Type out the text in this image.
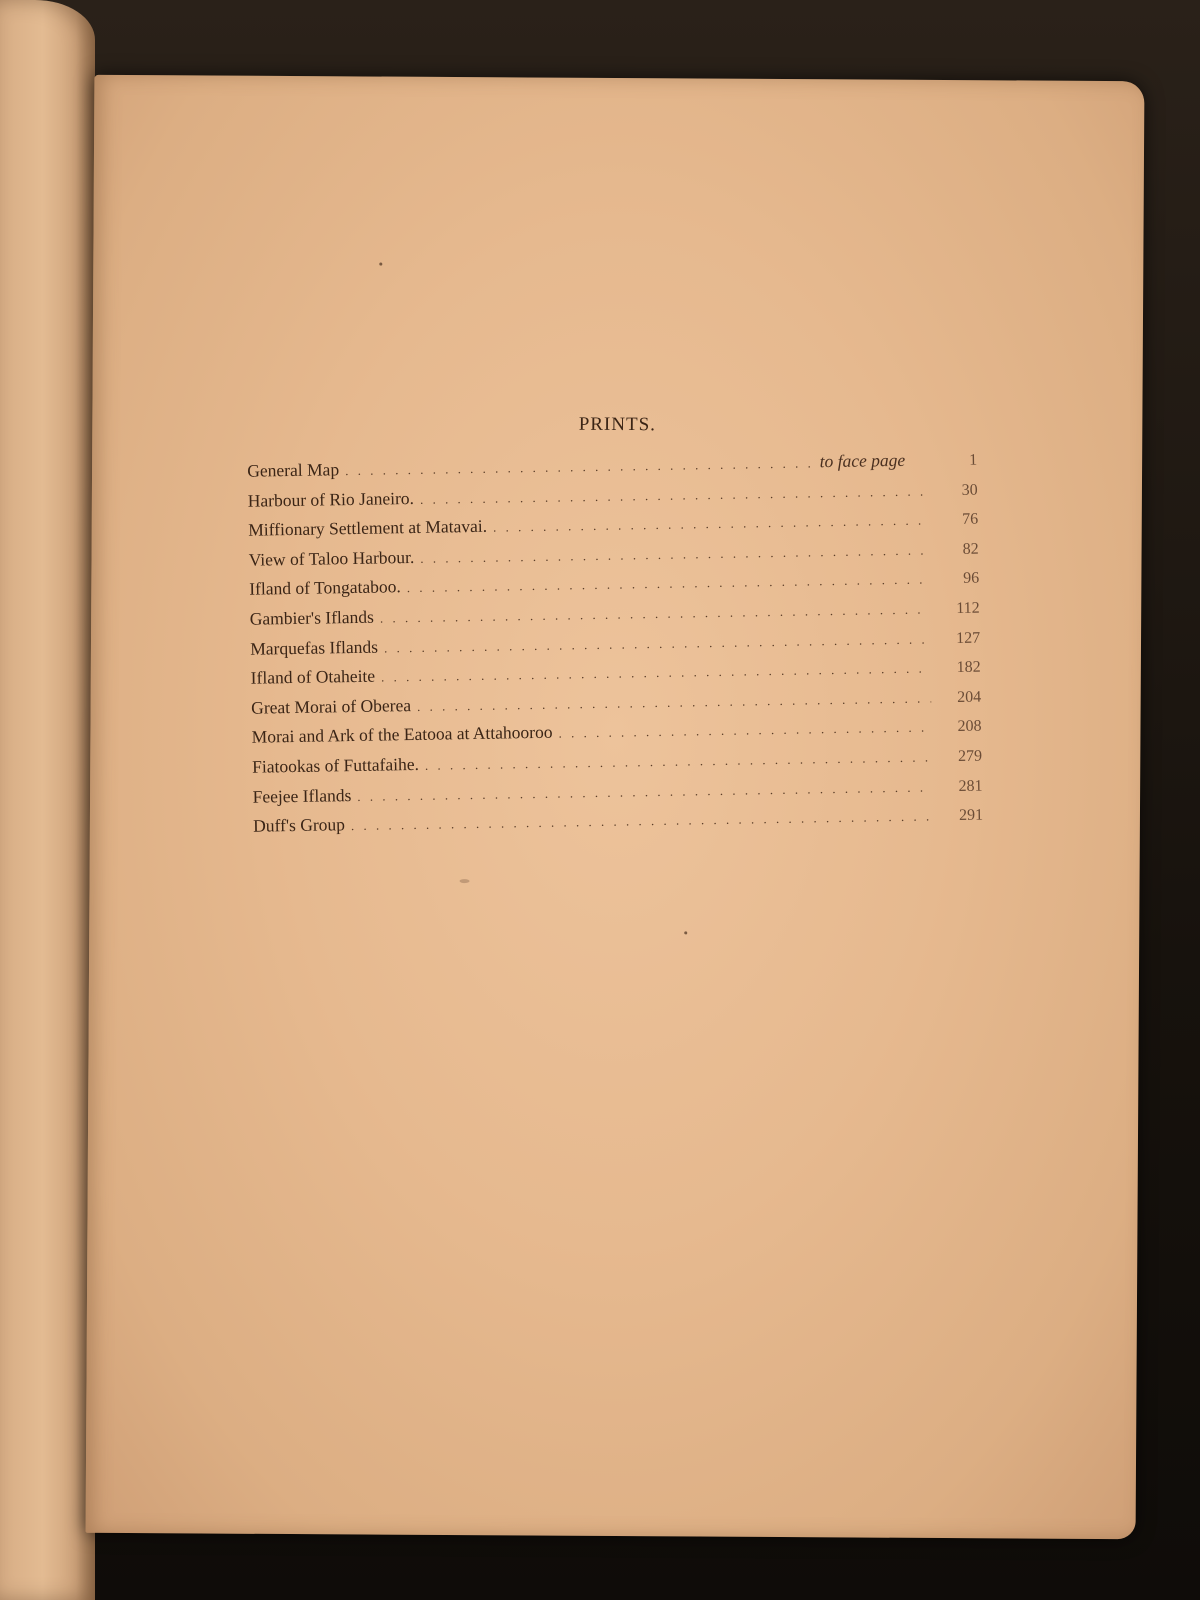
PRINTS.
General Map . . .	to face page	1
Harbour of Rio Janeiro. . . .	30
Miffionary Settlement at Matavai. . . .	76
View of Taloo Harbour. . . .	82
Ifland of Tongataboo. . . .	96
Gambier's Iflands . . .	112
Marquefas Iflands . . .	127
Ifland of Otaheite . . .	182
Great Morai of Oberea . . .	204
Morai and Ark of the Eatooa at Attahooroo . . .	208
Fiatookas of Futtafaihe. . . .	279
Feejee Iflands . . .	281
Duff's Group . . .	291
